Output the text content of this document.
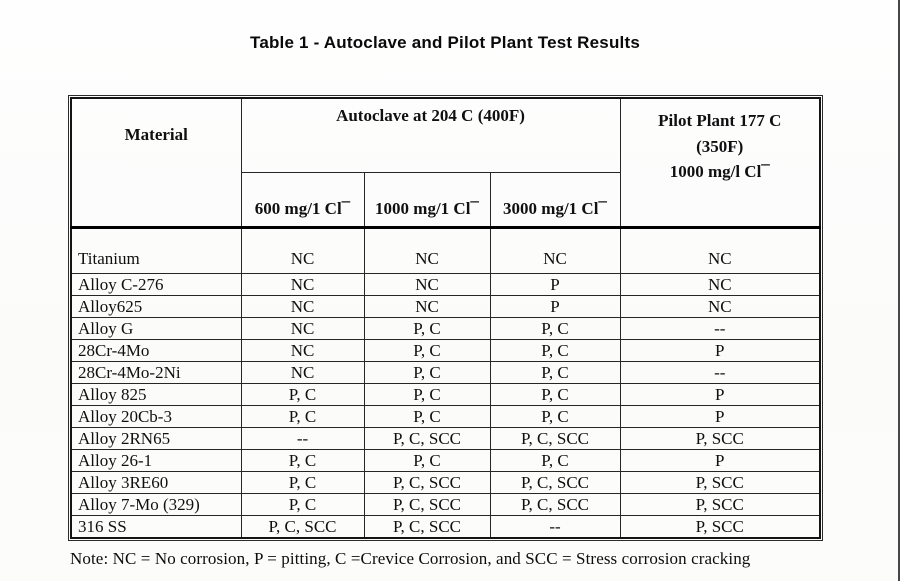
Table 1 - Autoclave and Pilot Plant Test Results
Material	Autoclave at 204 C (400F)			Pilot Plant 177 C
(350F)
1000 mg/l Cl¯

	600 mg/1 Cl¯	1000 mg/1 Cl¯	3000 mg/1 Cl¯	
Titanium	NC	NC	NC	NC
Alloy C-276	NC	NC	P	NC
Alloy625	NC	NC	P	NC
Alloy G	NC	P, C	P, C	--
28Cr-4Mo	NC	P, C	P, C	P
28Cr-4Mo-2Ni	NC	P, C	P, C	--
Alloy 825	P, C	P, C	P, C	P
Alloy 20Cb-3	P, C	P, C	P, C	P
Alloy 2RN65	--	P, C, SCC	P, C, SCC	P, SCC
Alloy 26-1	P, C	P, C	P, C	P
Alloy 3RE60	P, C	P, C, SCC	P, C, SCC	P, SCC
Alloy 7-Mo (329)	P, C	P, C, SCC	P, C, SCC	P, SCC
316 SS	P, C, SCC	P, C, SCC	--	P, SCC
Note: NC = No corrosion, P = pitting, C =Crevice Corrosion, and SCC = Stress corrosion cracking
